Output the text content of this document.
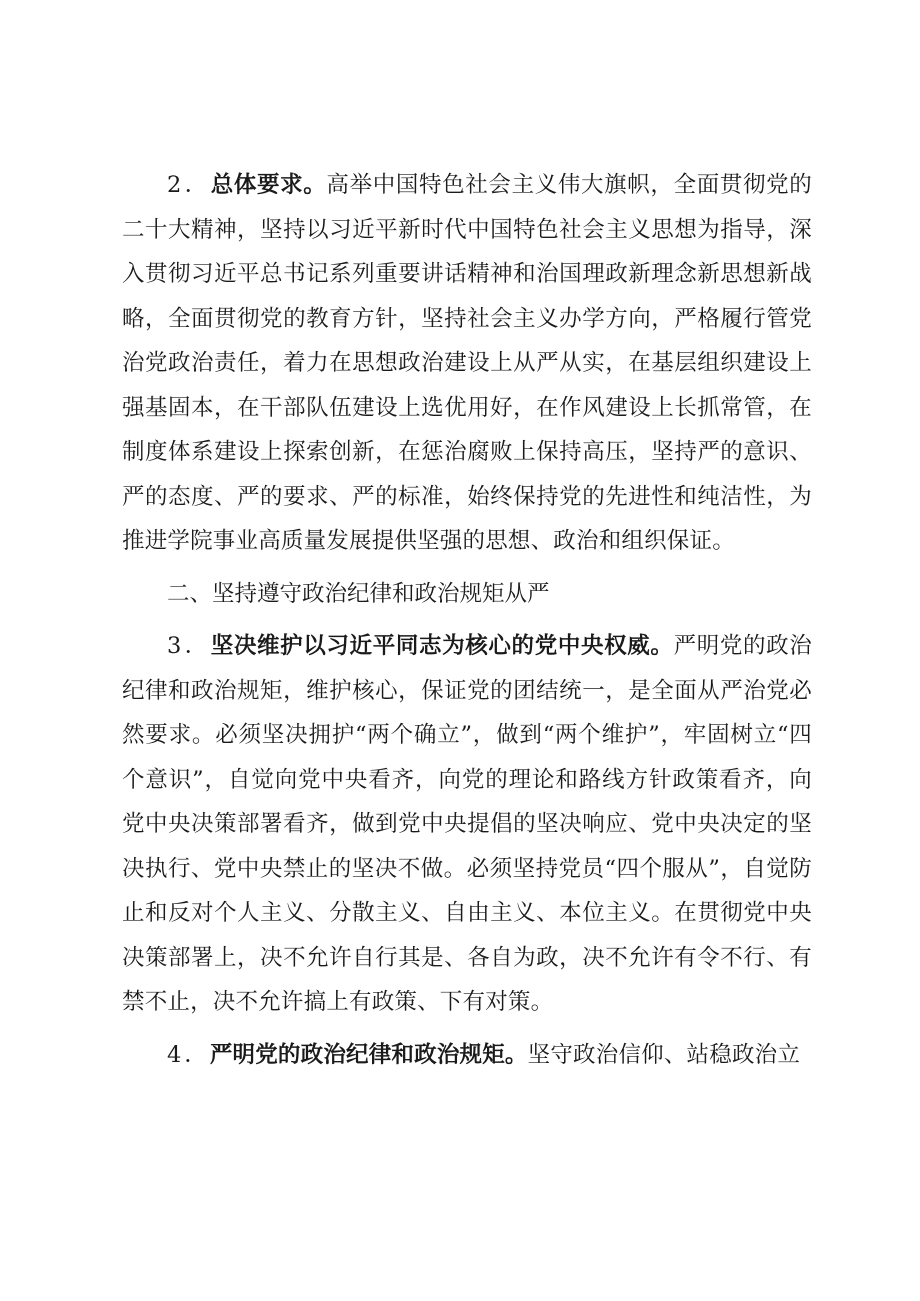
2．总体要求。高举中国特色社会主义伟大旗帜，全面贯彻党的二十大精神，坚持以习近平新时代中国特色社会主义思想为指导，深入贯彻习近平总书记系列重要讲话精神和治国理政新理念新思想新战略，全面贯彻党的教育方针，坚持社会主义办学方向，严格履行管党治党政治责任，着力在思想政治建设上从严从实，在基层组织建设上强基固本，在干部队伍建设上选优用好，在作风建设上长抓常管，在制度体系建设上探索创新，在惩治腐败上保持高压，坚持严的意识、严的态度、严的要求、严的标准，始终保持党的先进性和纯洁性，为推进学院事业高质量发展提供坚强的思想、政治和组织保证。

二、坚持遵守政治纪律和政治规矩从严

3．坚决维护以习近平同志为核心的党中央权威。严明党的政治纪律和政治规矩，维护核心，保证党的团结统一，是全面从严治党必然要求。必须坚决拥护“两个确立”，做到“两个维护”，牢固树立“四个意识”，自觉向党中央看齐，向党的理论和路线方针政策看齐，向党中央决策部署看齐，做到党中央提倡的坚决响应、党中央决定的坚决执行、党中央禁止的坚决不做。必须坚持党员“四个服从”，自觉防止和反对个人主义、分散主义、自由主义、本位主义。在贯彻党中央决策部署上，决不允许自行其是、各自为政，决不允许有令不行、有禁不止，决不允许搞上有政策、下有对策。

4．严明党的政治纪律和政治规矩。坚守政治信仰、站稳政治立
